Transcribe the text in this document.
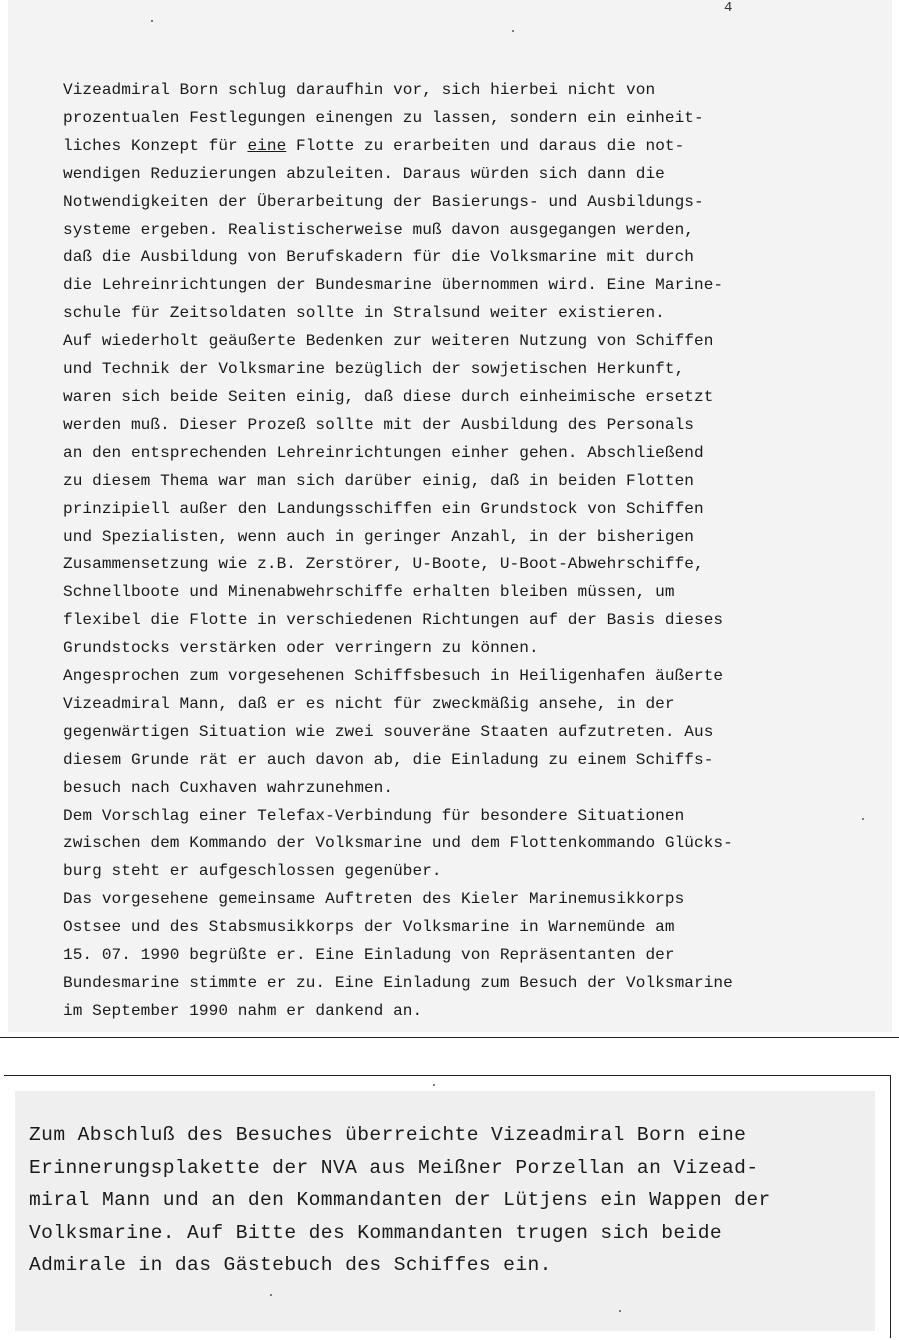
4
Vizeadmiral Born schlug daraufhin vor, sich hierbei nicht von
prozentualen Festlegungen einengen zu lassen, sondern ein einheit-
liches Konzept für eine Flotte zu erarbeiten und daraus die not-
wendigen Reduzierungen abzuleiten. Daraus würden sich dann die
Notwendigkeiten der Überarbeitung der Basierungs- und Ausbildungs-
systeme ergeben. Realistischerweise muß davon ausgegangen werden,
daß die Ausbildung von Berufskadern für die Volksmarine mit durch
die Lehreinrichtungen der Bundesmarine übernommen wird. Eine Marine-
schule für Zeitsoldaten sollte in Stralsund weiter existieren.
Auf wiederholt geäußerte Bedenken zur weiteren Nutzung von Schiffen
und Technik der Volksmarine bezüglich der sowjetischen Herkunft,
waren sich beide Seiten einig, daß diese durch einheimische ersetzt
werden muß. Dieser Prozeß sollte mit der Ausbildung des Personals
an den entsprechenden Lehreinrichtungen einher gehen. Abschließend
zu diesem Thema war man sich darüber einig, daß in beiden Flotten
prinzipiell außer den Landungsschiffen ein Grundstock von Schiffen
und Spezialisten, wenn auch in geringer Anzahl, in der bisherigen
Zusammensetzung wie z.B. Zerstörer, U-Boote, U-Boot-Abwehrschiffe,
Schnellboote und Minenabwehrschiffe erhalten bleiben müssen, um
flexibel die Flotte in verschiedenen Richtungen auf der Basis dieses
Grundstocks verstärken oder verringern zu können.
Angesprochen zum vorgesehenen Schiffsbesuch in Heiligenhafen äußerte
Vizeadmiral Mann, daß er es nicht für zweckmäßig ansehe, in der
gegenwärtigen Situation wie zwei souveräne Staaten aufzutreten. Aus
diesem Grunde rät er auch davon ab, die Einladung zu einem Schiffs-
besuch nach Cuxhaven wahrzunehmen.
Dem Vorschlag einer Telefax-Verbindung für besondere Situationen
zwischen dem Kommando der Volksmarine und dem Flottenkommando Glücks-
burg steht er aufgeschlossen gegenüber.
Das vorgesehene gemeinsame Auftreten des Kieler Marinemusikkorps
Ostsee und des Stabsmusikkorps der Volksmarine in Warnemünde am
15. 07. 1990 begrüßte er. Eine Einladung von Repräsentanten der
Bundesmarine stimmte er zu. Eine Einladung zum Besuch der Volksmarine
im September 1990 nahm er dankend an.
Zum Abschluß des Besuches überreichte Vizeadmiral Born eine
Erinnerungsplakette der NVA aus Meißner Porzellan an Vizead-
miral Mann und an den Kommandanten der Lütjens ein Wappen der
Volksmarine. Auf Bitte des Kommandanten trugen sich beide
Admirale in das Gästebuch des Schiffes ein.
